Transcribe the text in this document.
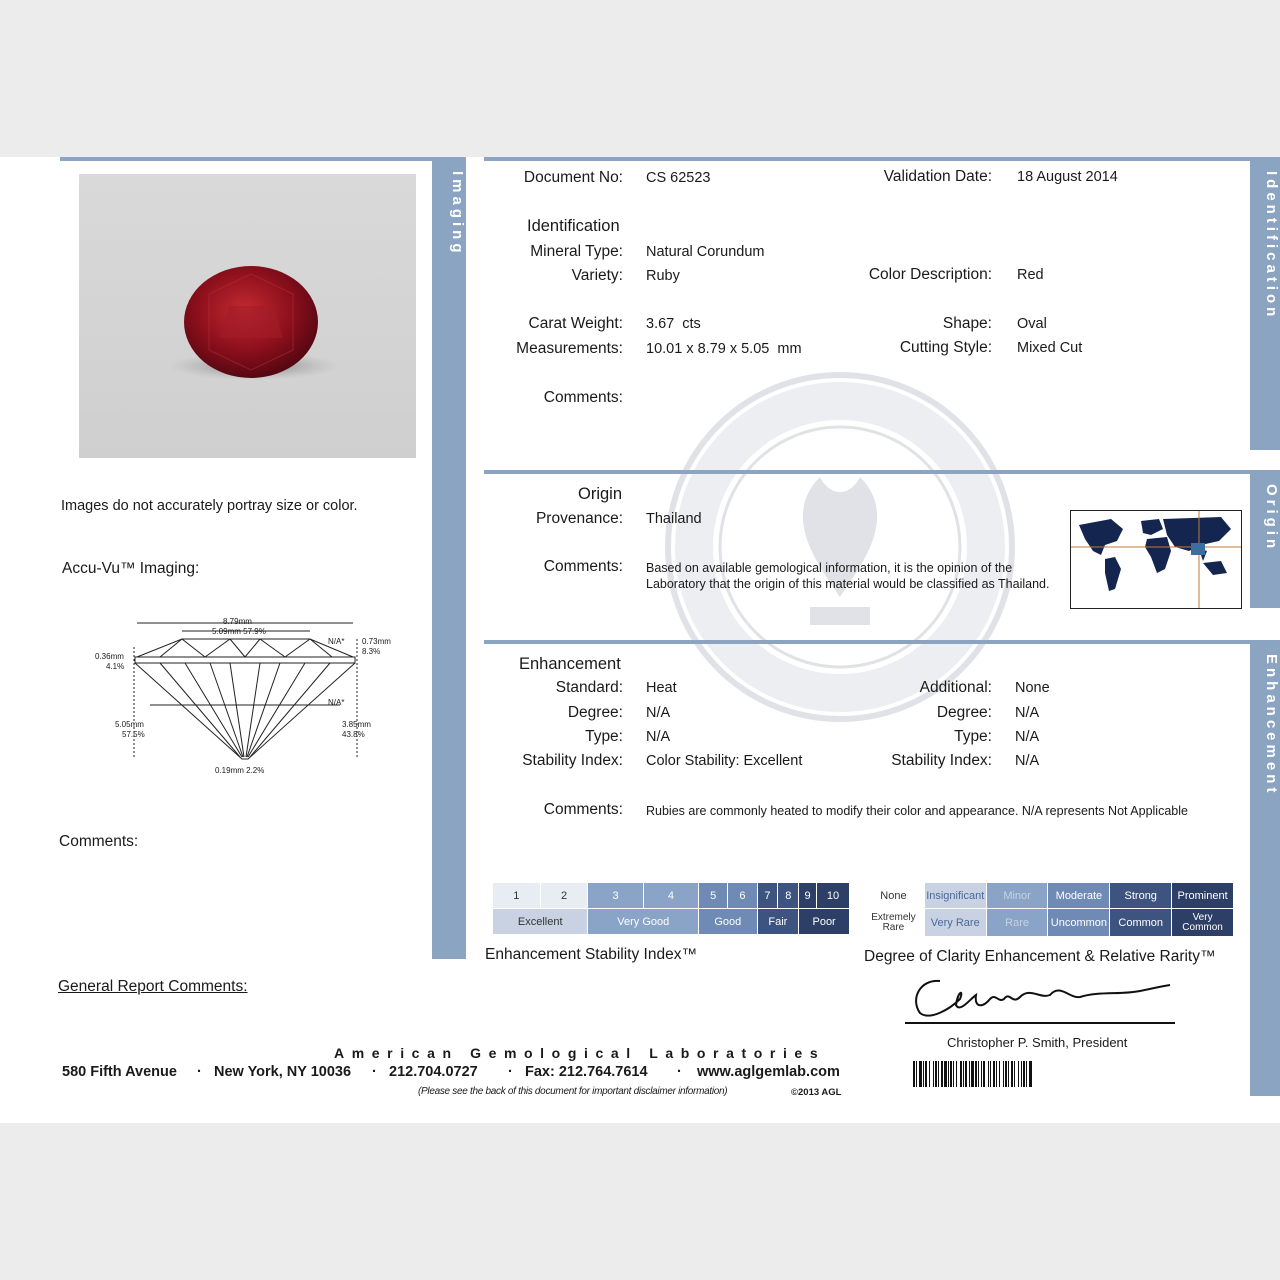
Imaging
Images do not accurately portray size or color.
Accu-Vu™ Imaging:
8.79mm
5.09mm 57.9%
0.36mm
4.1%
N/A* 0.73mm
8.3%
N/A*
5.05mm
57.5%
3.85mm
43.8%
0.19mm 2.2%
Comments:
General Report Comments:
Identification
Document No: CS 62523	Validation Date: 18 August 2014
Identification
Mineral Type: Natural Corundum
Variety: Ruby	Color Description: Red
Carat Weight: 3.67  cts	Shape: Oval
Measurements: 10.01 x 8.79 x 5.05  mm	Cutting Style: Mixed Cut
Comments:
Origin
Origin
Provenance: Thailand
Comments: Based on available gemological information, it is the opinion of the Laboratory that the origin of this material would be classified as Thailand.
Enhancement
Enhancement
Standard: Heat	Additional: None
Degree: N/A	Degree: N/A
Type: N/A	Type: N/A
Stability Index: Color Stability: Excellent	Stability Index: N/A
Comments: Rubies are commonly heated to modify their color and appearance. N/A represents Not Applicable
1	2	3	4	5	6	7	8	9	10
Excellent		Very Good		Good		Fair		Poor	
Enhancement Stability Index™
None	Insignificant	Minor	Moderate	Strong	Prominent
Extremely Rare	Very Rare	Rare	Uncommon	Common	Very Common
Degree of Clarity Enhancement & Relative Rarity™
Christopher P. Smith, President
American Gemological Laboratories
580 Fifth Avenue · New York, NY 10036 · 212.704.0727 · Fax: 212.764.7614 · www.aglgemlab.com
(Please see the back of this document for important disclaimer information)	©2013 AGL
